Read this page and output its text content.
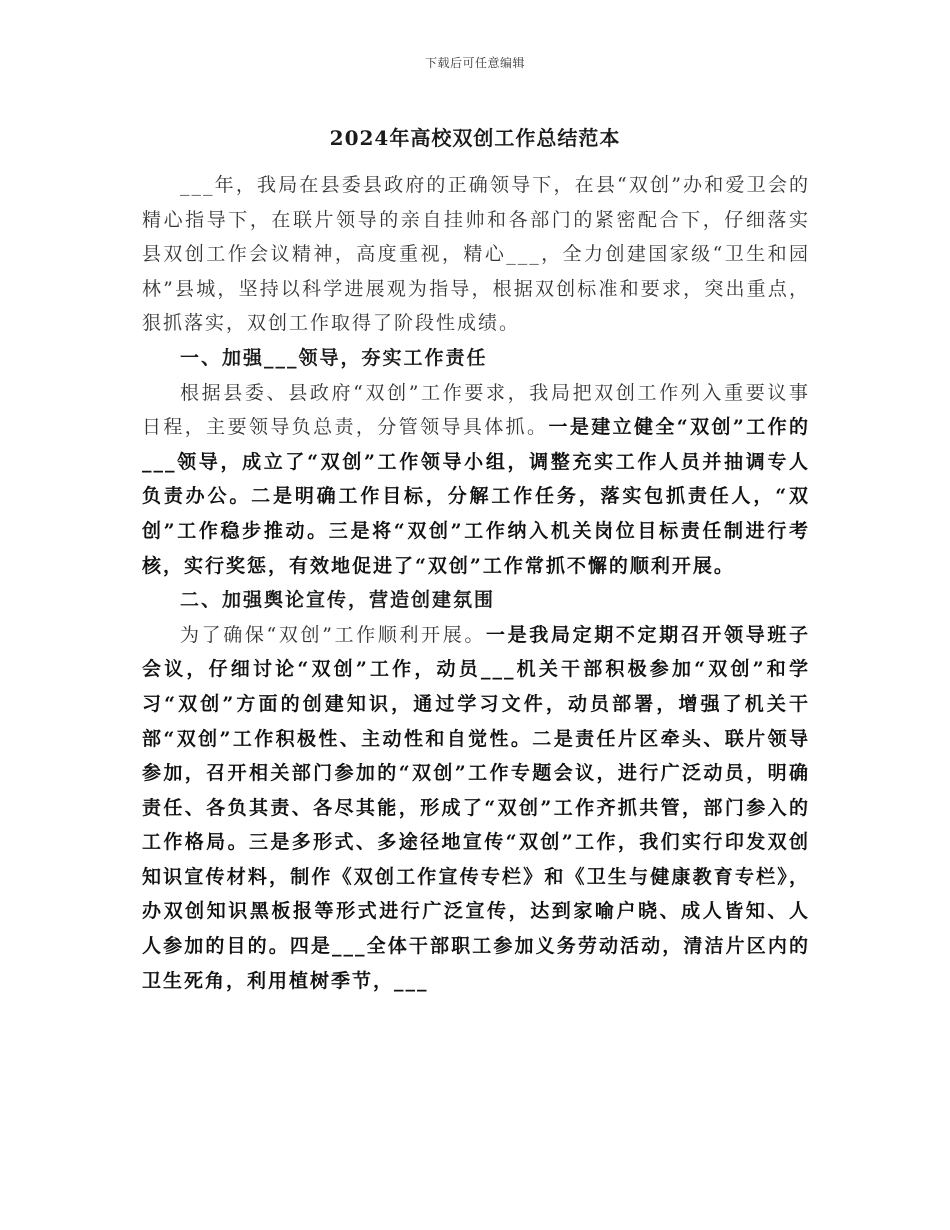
下载后可任意编辑
2024年高校双创工作总结范本

___年，我局在县委县政府的正确领导下，在县“双创”办和爱卫会的精心指导下，在联片领导的亲自挂帅和各部门的紧密配合下，仔细落实县双创工作会议精神，高度重视，精心___，全力创建国家级“卫生和园林”县城，坚持以科学进展观为指导，根据双创标准和要求，突出重点，狠抓落实，双创工作取得了阶段性成绩。

一、加强___领导，夯实工作责任

根据县委、县政府“双创”工作要求，我局把双创工作列入重要议事日程，主要领导负总责，分管领导具体抓。一是建立健全“双创”工作的___领导，成立了“双创”工作领导小组，调整充实工作人员并抽调专人负责办公。二是明确工作目标，分解工作任务，落实包抓责任人，“双创”工作稳步推动。三是将“双创”工作纳入机关岗位目标责任制进行考核，实行奖惩，有效地促进了“双创”工作常抓不懈的顺利开展。

二、加强舆论宣传，营造创建氛围

为了确保“双创”工作顺利开展。一是我局定期不定期召开领导班子会议，仔细讨论“双创”工作，动员___机关干部积极参加“双创”和学习“双创”方面的创建知识，通过学习文件，动员部署，增强了机关干部“双创”工作积极性、主动性和自觉性。二是责任片区牵头、联片领导参加，召开相关部门参加的“双创”工作专题会议，进行广泛动员，明确责任、各负其责、各尽其能，形成了“双创”工作齐抓共管，部门参入的工作格局。三是多形式、多途径地宣传“双创”工作，我们实行印发双创知识宣传材料，制作《双创工作宣传专栏》和《卫生与健康教育专栏》，办双创知识黑板报等形式进行广泛宣传，达到家喻户晓、成人皆知、人人参加的目的。四是___全体干部职工参加义务劳动活动，清洁片区内的卫生死角，利用植树季节，___
